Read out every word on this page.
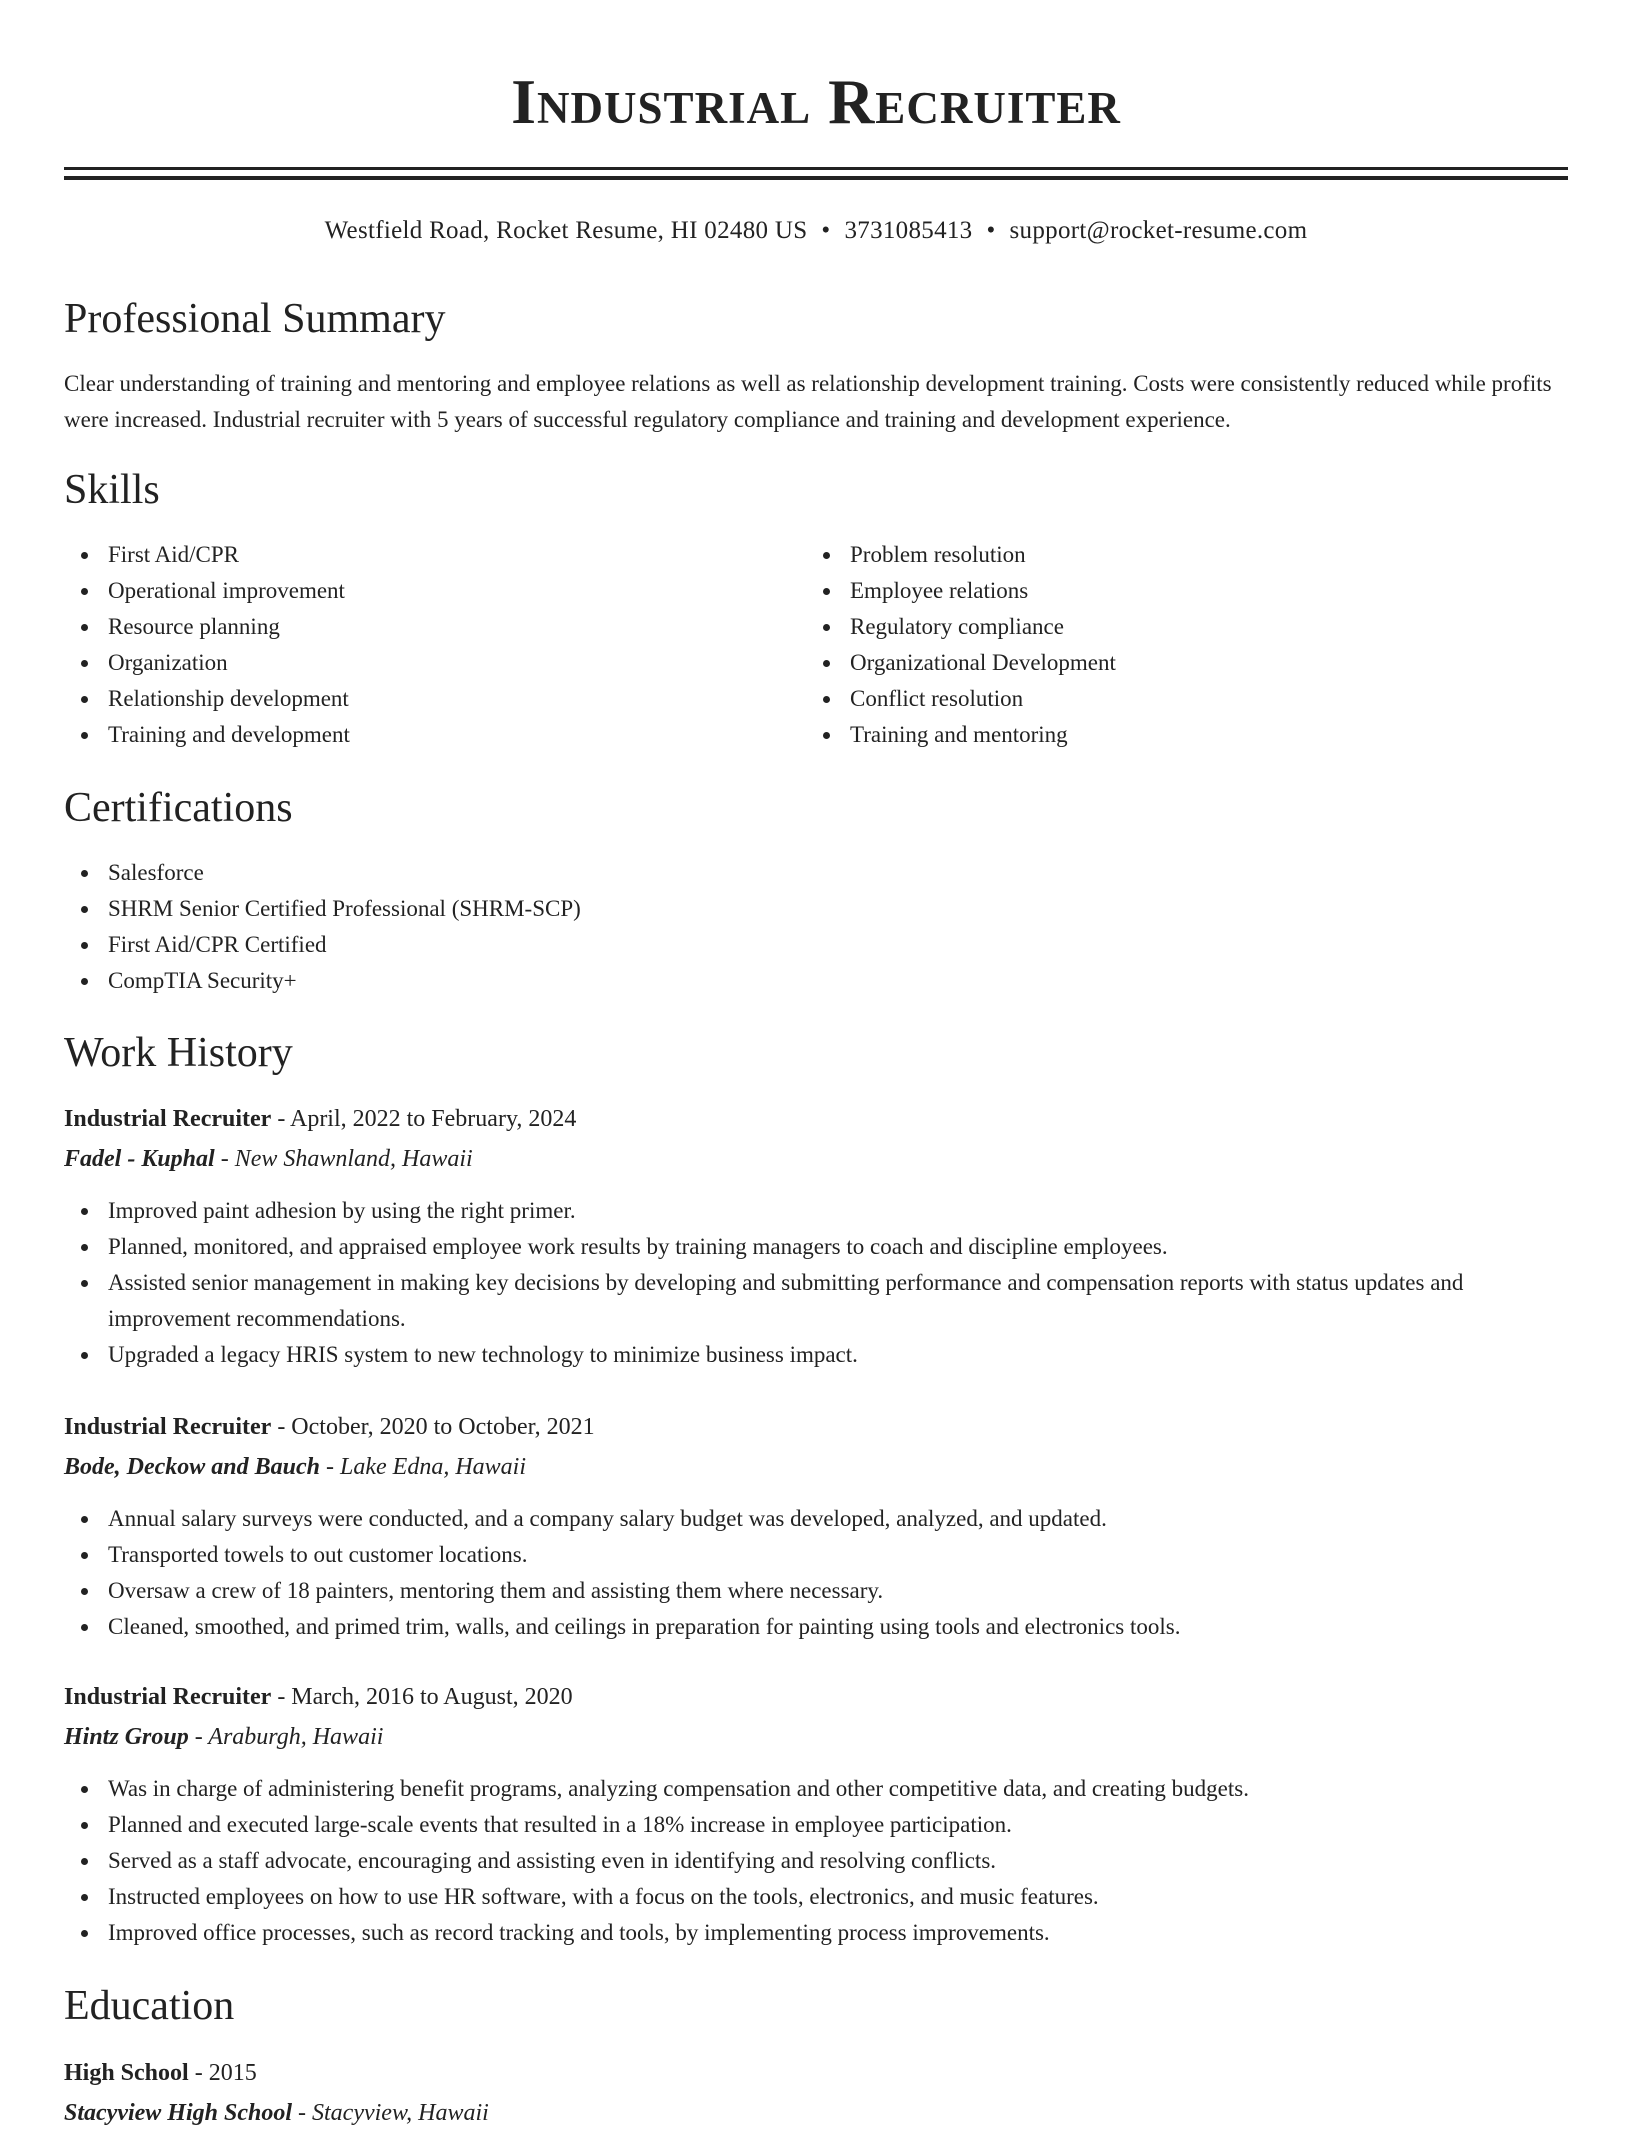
Industrial Recruiter
Westfield Road, Rocket Resume, HI 02480 US • 3731085413 • support@rocket-resume.com
Professional Summary
Clear understanding of training and mentoring and employee relations as well as relationship development training. Costs were consistently reduced while profits were increased. Industrial recruiter with 5 years of successful regulatory compliance and training and development experience.
Skills
First Aid/CPR
Operational improvement
Resource planning
Organization
Relationship development
Training and development
Problem resolution
Employee relations
Regulatory compliance
Organizational Development
Conflict resolution
Training and mentoring
Certifications
Salesforce
SHRM Senior Certified Professional (SHRM-SCP)
First Aid/CPR Certified
CompTIA Security+
Work History
Industrial Recruiter - April, 2022 to February, 2024
Fadel - Kuphal - New Shawnland, Hawaii
Improved paint adhesion by using the right primer.
Planned, monitored, and appraised employee work results by training managers to coach and discipline employees.
Assisted senior management in making key decisions by developing and submitting performance and compensation reports with status updates and improvement recommendations.
Upgraded a legacy HRIS system to new technology to minimize business impact.
Industrial Recruiter - October, 2020 to October, 2021
Bode, Deckow and Bauch - Lake Edna, Hawaii
Annual salary surveys were conducted, and a company salary budget was developed, analyzed, and updated.
Transported towels to out customer locations.
Oversaw a crew of 18 painters, mentoring them and assisting them where necessary.
Cleaned, smoothed, and primed trim, walls, and ceilings in preparation for painting using tools and electronics tools.
Industrial Recruiter - March, 2016 to August, 2020
Hintz Group - Araburgh, Hawaii
Was in charge of administering benefit programs, analyzing compensation and other competitive data, and creating budgets.
Planned and executed large-scale events that resulted in a 18% increase in employee participation.
Served as a staff advocate, encouraging and assisting even in identifying and resolving conflicts.
Instructed employees on how to use HR software, with a focus on the tools, electronics, and music features.
Improved office processes, such as record tracking and tools, by implementing process improvements.
Education
High School - 2015
Stacyview High School - Stacyview, Hawaii
